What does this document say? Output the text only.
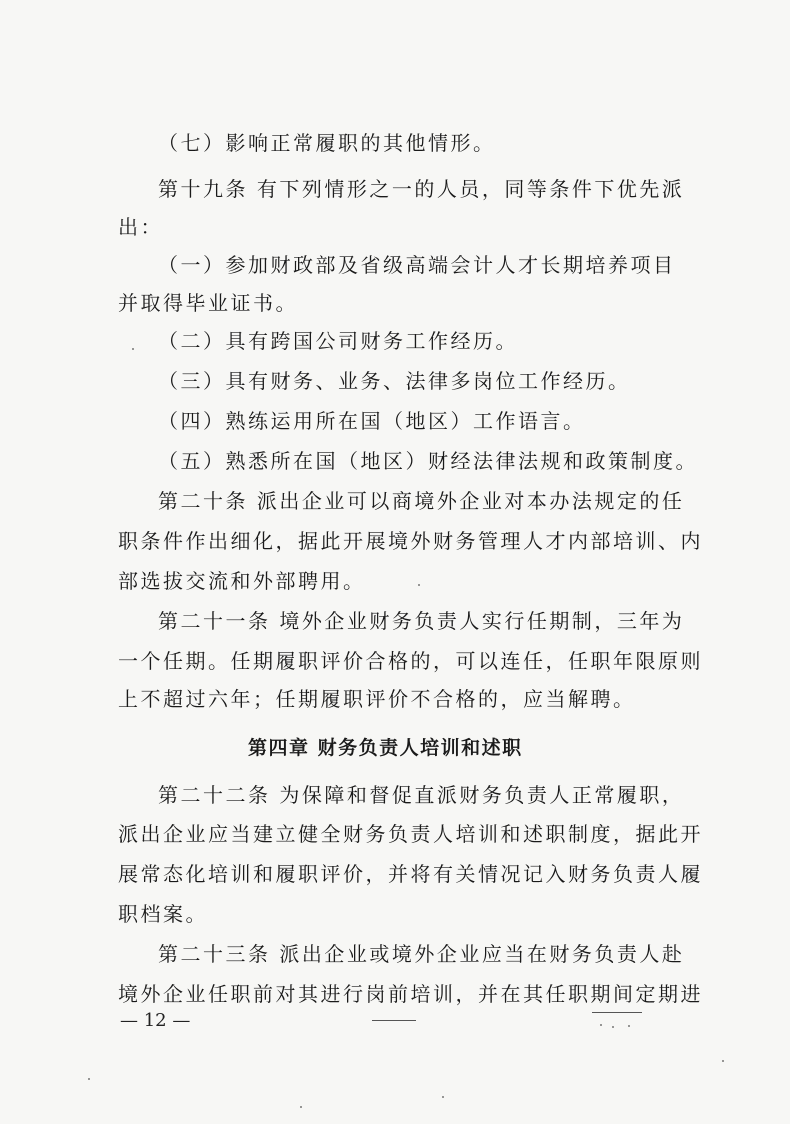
（七）影响正常履职的其他情形。
第十九条 有下列情形之一的人员，同等条件下优先派
出：
（一）参加财政部及省级高端会计人才长期培养项目
并取得毕业证书。
（二）具有跨国公司财务工作经历。
（三）具有财务、业务、法律多岗位工作经历。
（四）熟练运用所在国（地区）工作语言。
（五）熟悉所在国（地区）财经法律法规和政策制度。
第二十条 派出企业可以商境外企业对本办法规定的任
职条件作出细化，据此开展境外财务管理人才内部培训、内
部选拔交流和外部聘用。
第二十一条 境外企业财务负责人实行任期制，三年为
一个任期。任期履职评价合格的，可以连任，任职年限原则
上不超过六年；任期履职评价不合格的，应当解聘。
第四章 财务负责人培训和述职
第二十二条 为保障和督促直派财务负责人正常履职，
派出企业应当建立健全财务负责人培训和述职制度，据此开
展常态化培训和履职评价，并将有关情况记入财务负责人履
职档案。
第二十三条 派出企业或境外企业应当在财务负责人赴
境外企业任职前对其进行岗前培训，并在其任职期间定期进
— 12 —
